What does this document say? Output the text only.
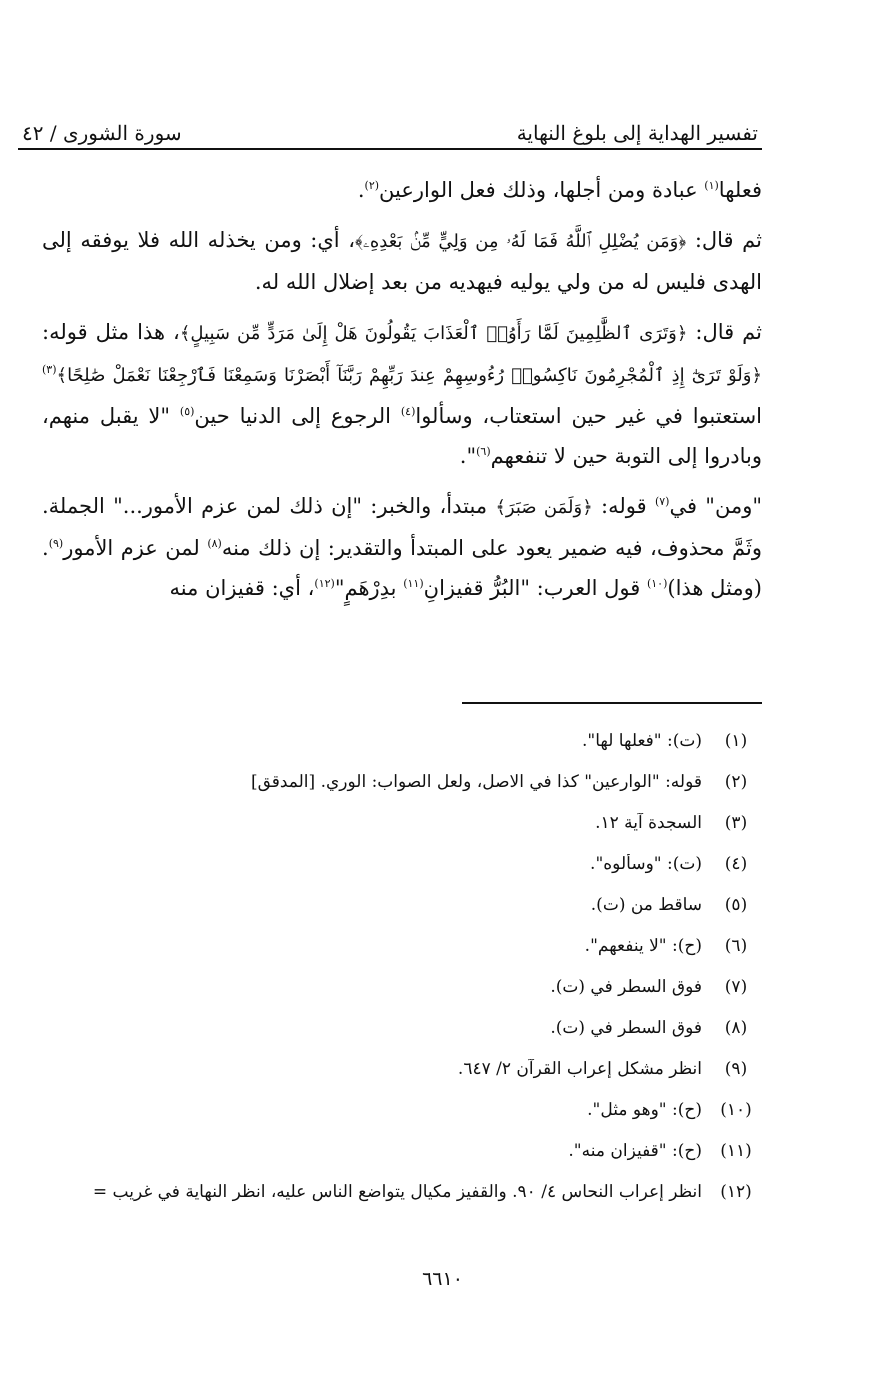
تفسير الهداية إلى بلوغ النهاية
سورة الشورى / ٤٢

فعلها$^{(١)}$ عبادة ومن أجلها، وذلك فعل الوارعين$^{(٢)}$.

ثم قال: ﴿وَمَن يُضْلِلِ ٱللَّهُ فَمَا لَهُۥ مِن وَلِيٍّ مِّنۢ بَعْدِهِۦ﴾، أي: ومن يخذله الله فلا يوفقه إلى الهدى فليس له من ولي يوليه فيهديه من بعد إضلال الله له.

ثم قال: ﴿وَتَرَى ٱلظَّٰلِمِينَ لَمَّا رَأَوُا۟ ٱلْعَذَابَ يَقُولُونَ هَلْ إِلَىٰ مَرَدٍّ مِّن سَبِيلٍ﴾، هذا مثل قوله: ﴿وَلَوْ تَرَىٰٓ إِذِ ٱلْمُجْرِمُونَ نَاكِسُوا۟ رُءُوسِهِمْ عِندَ رَبِّهِمْ رَبَّنَآ أَبْصَرْنَا وَسَمِعْنَا فَٱرْجِعْنَا نَعْمَلْ صَٰلِحًا﴾$^{(٣)}$ استعتبوا في غير حين استعتاب، وسألوا$^{(٤)}$ الرجوع إلى الدنيا حين$^{(٥)}$ "لا يقبل منهم، وبادروا إلى التوبة حين لا تنفعهم$^{(٦)}$".

"ومن" في$^{(٧)}$ قوله: ﴿وَلَمَن صَبَرَ﴾ مبتدأ، والخبر: "إن ذلك لمن عزم الأمور..." الجملة. وثَمَّ محذوف، فيه ضمير يعود على المبتدأ والتقدير: إن ذلك منه$^{(٨)}$ لمن عزم الأمور$^{(٩)}$. (ومثل هذا)$^{(١٠)}$ قول العرب: "البُرُّ قفيزانِ$^{(١١)}$ بدِرْهَمٍ"$^{(١٢)}$، أي: قفيزان منه

(١)
(ت): "فعلها لها".
(٢)
قوله: "الوارعين" كذا في الاصل، ولعل الصواب: الوري. [المدقق]
(٣)
السجدة آية ١٢.
(٤)
(ت): "وسألوه".
(٥)
ساقط من (ت).
(٦)
(ح): "لا ينفعهم".
(٧)
فوق السطر في (ت).
(٨)
فوق السطر في (ت).
(٩)
انظر مشكل إعراب القرآن ٢/ ٦٤٧.
(١٠)
(ح): "وهو مثل".
(١١)
(ح): "قفيزان منه".
(١٢)
انظر إعراب النحاس ٤/ ٩٠. والقفيز مكيال يتواضع الناس عليه، انظر النهاية في غريب =
٦٦١٠
